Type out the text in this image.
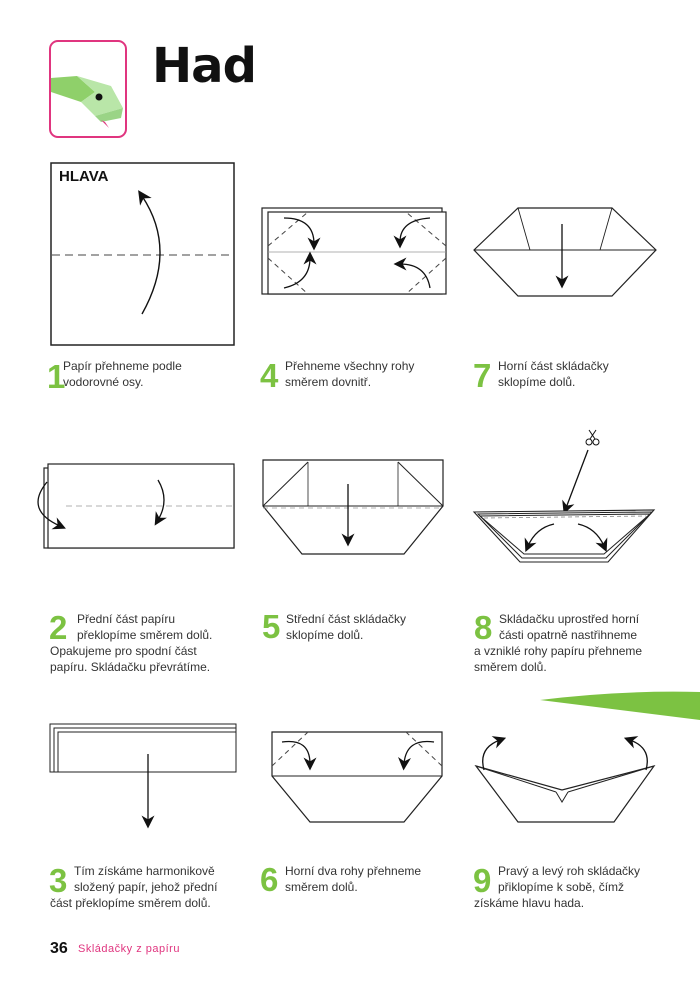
Had
HLAVA
1
Papír přehneme podle
vodorovné osy.
2 Přední část papíru
překlopíme směrem dolů.
Opakujeme pro spodní část
papíru. Skládačku převrátíme.
3 Tím získáme harmonikově
složený papír, jehož přední
část překlopíme směrem dolů.
4 Přehneme všechny rohy
směrem dovnitř.
5 Střední část skládačky
sklopíme dolů.
6 Horní dva rohy přehneme
směrem dolů.
7 Horní část skládačky
sklopíme dolů.
8 Skládačku uprostřed horní
části opatrně nastřihneme
a vzniklé rohy papíru přehneme
směrem dolů.
9 Pravý a levý roh skládačky
přiklopíme k sobě, čímž
získáme hlavu hada.
36 Skládačky z papíru
